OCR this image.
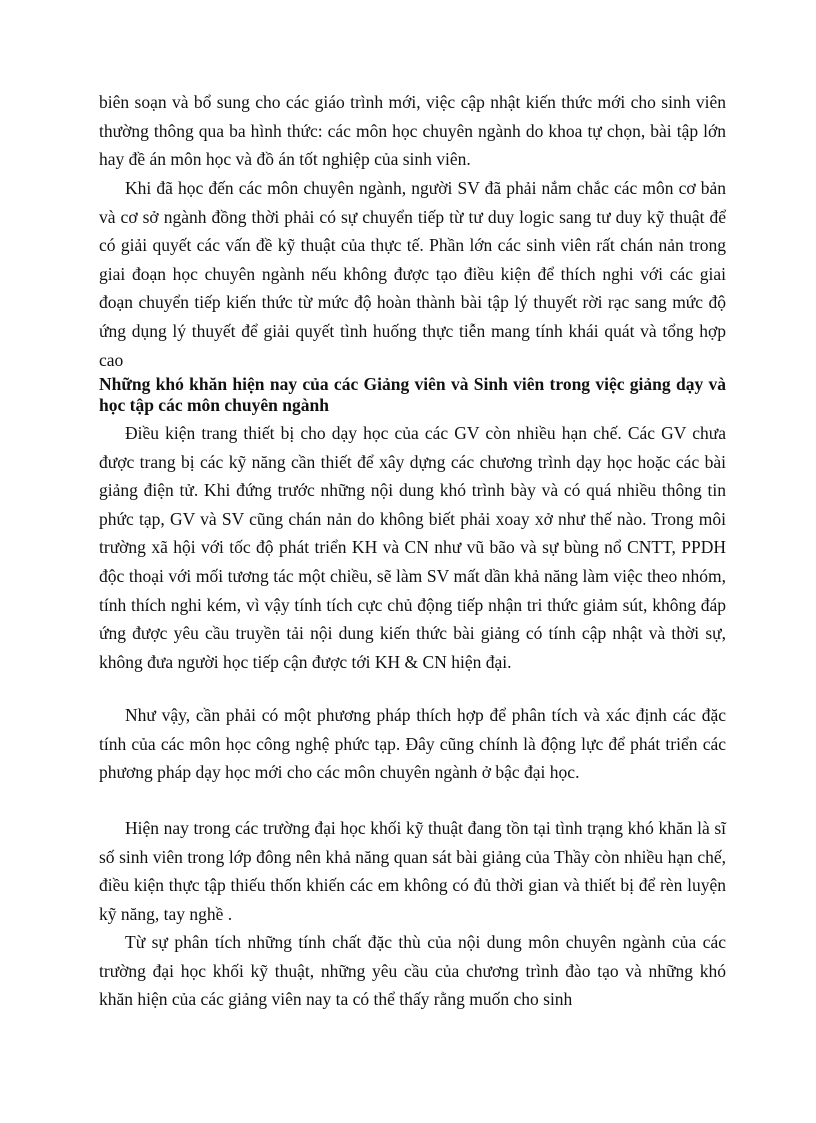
biên soạn và bổ sung cho các giáo trình mới, việc cập nhật kiến thức mới cho sinh viên thường thông qua ba hình thức: các môn học chuyên ngành do khoa tự chọn, bài tập lớn hay đề án môn học và đồ án tốt nghiệp của sinh viên.

Khi đã học đến các môn chuyên ngành, người SV đã phải nắm chắc các môn cơ bản và cơ sở ngành đồng thời phải có sự chuyển tiếp từ tư duy logic sang tư duy kỹ thuật để có giải quyết các vấn đề kỹ thuật của thực tế. Phần lớn các sinh viên rất chán nản trong giai đoạn học chuyên ngành nếu không được tạo điều kiện để thích nghi với các giai đoạn chuyển tiếp kiến thức từ mức độ hoàn thành bài tập lý thuyết rời rạc sang mức độ ứng dụng lý thuyết để giải quyết tình huống thực tiễn mang tính khái quát và tổng hợp cao

Những khó khăn hiện nay của các Giảng viên và Sinh viên trong việc giảng dạy và học tập các môn chuyên ngành

Điều kiện trang thiết bị cho dạy học của các GV còn nhiều hạn chế. Các GV chưa được trang bị các kỹ năng cần thiết để xây dựng các chương trình dạy học hoặc các bài giảng điện tử. Khi đứng trước những nội dung khó trình bày và có quá nhiều thông tin phức tạp, GV và SV cũng chán nản do không biết phải xoay xở như thế nào. Trong môi trường xã hội với tốc độ phát triển KH và CN như vũ bão và sự bùng nổ CNTT, PPDH độc thoại với mối tương tác một chiều, sẽ làm SV mất dần khả năng làm việc theo nhóm, tính thích nghi kém, vì vậy tính tích cực chủ động tiếp nhận tri thức giảm sút, không đáp ứng được yêu cầu truyền tải nội dung kiến thức bài giảng có tính cập nhật và thời sự, không đưa người học tiếp cận được tới KH & CN hiện đại.

Như vậy, cần phải có một phương pháp thích hợp để phân tích và xác định các đặc tính của các môn học công nghệ phức tạp. Đây cũng chính là động lực để phát triển các phương pháp dạy học mới cho các môn chuyên ngành ở bậc đại học.

Hiện nay trong các trường đại học khối kỹ thuật đang tồn tại tình trạng khó khăn là sĩ số sinh viên trong lớp đông nên khả năng quan sát bài giảng của Thầy còn nhiều hạn chế, điều kiện thực tập thiếu thốn khiến các em không có đủ thời gian và thiết bị để rèn luyện kỹ năng, tay nghề .

Từ sự phân tích những tính chất đặc thù của nội dung môn chuyên ngành của các trường đại học khối kỹ thuật, những yêu cầu của chương trình đào tạo và những khó khăn hiện của các giảng viên nay ta có thể thấy rằng muốn cho sinh
